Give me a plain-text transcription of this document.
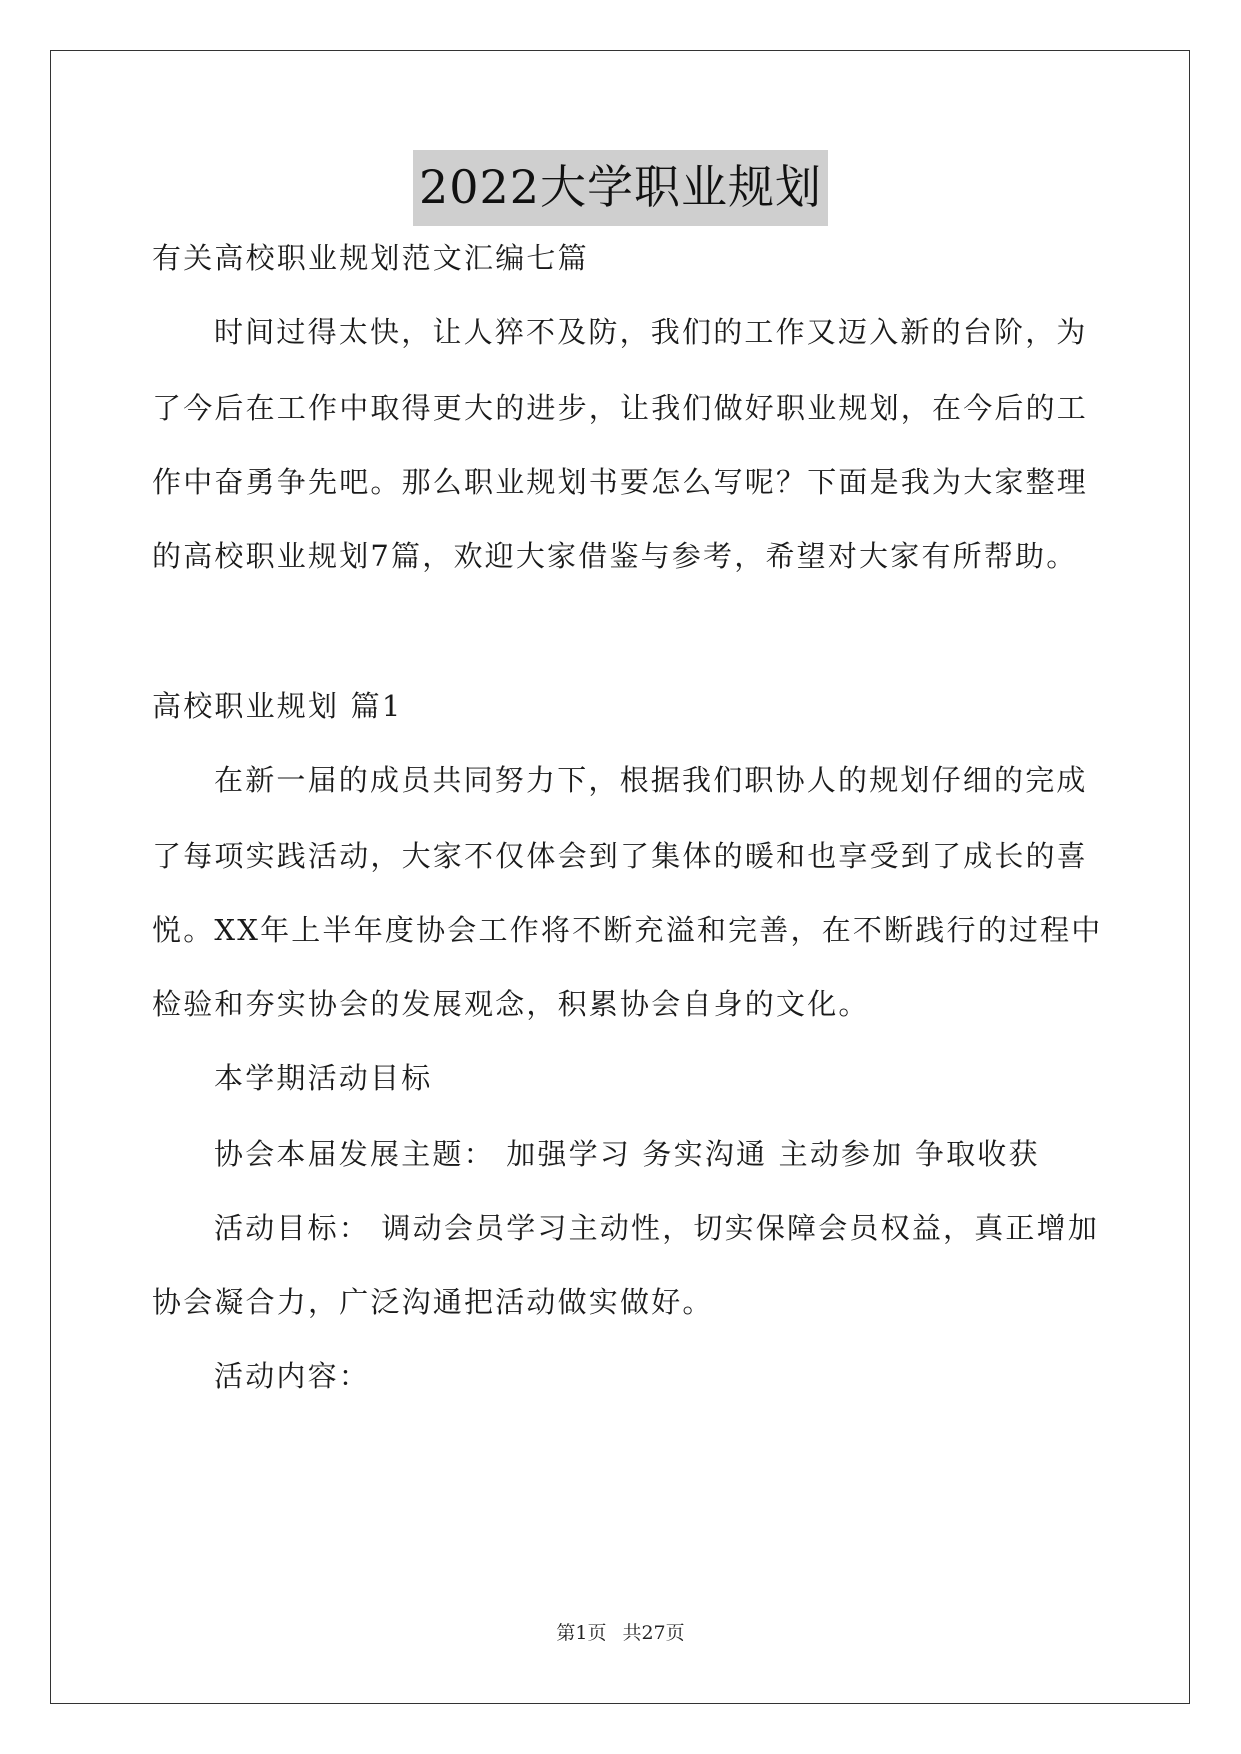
2022大学职业规划
有关高校职业规划范文汇编七篇
时间过得太快，让人猝不及防，我们的工作又迈入新的台阶，为
了今后在工作中取得更大的进步，让我们做好职业规划，在今后的工
作中奋勇争先吧。那么职业规划书要怎么写呢？下面是我为大家整理
的高校职业规划7篇，欢迎大家借鉴与参考，希望对大家有所帮助。
高校职业规划 篇1
在新一届的成员共同努力下，根据我们职协人的规划仔细的完成
了每项实践活动，大家不仅体会到了集体的暖和也享受到了成长的喜
悦。XX年上半年度协会工作将不断充溢和完善，在不断践行的过程中
检验和夯实协会的发展观念，积累协会自身的文化。
本学期活动目标
协会本届发展主题： 加强学习 务实沟通 主动参加 争取收获
活动目标： 调动会员学习主动性，切实保障会员权益，真正增加
协会凝合力，广泛沟通把活动做实做好。
活动内容：
第1页 共27页
